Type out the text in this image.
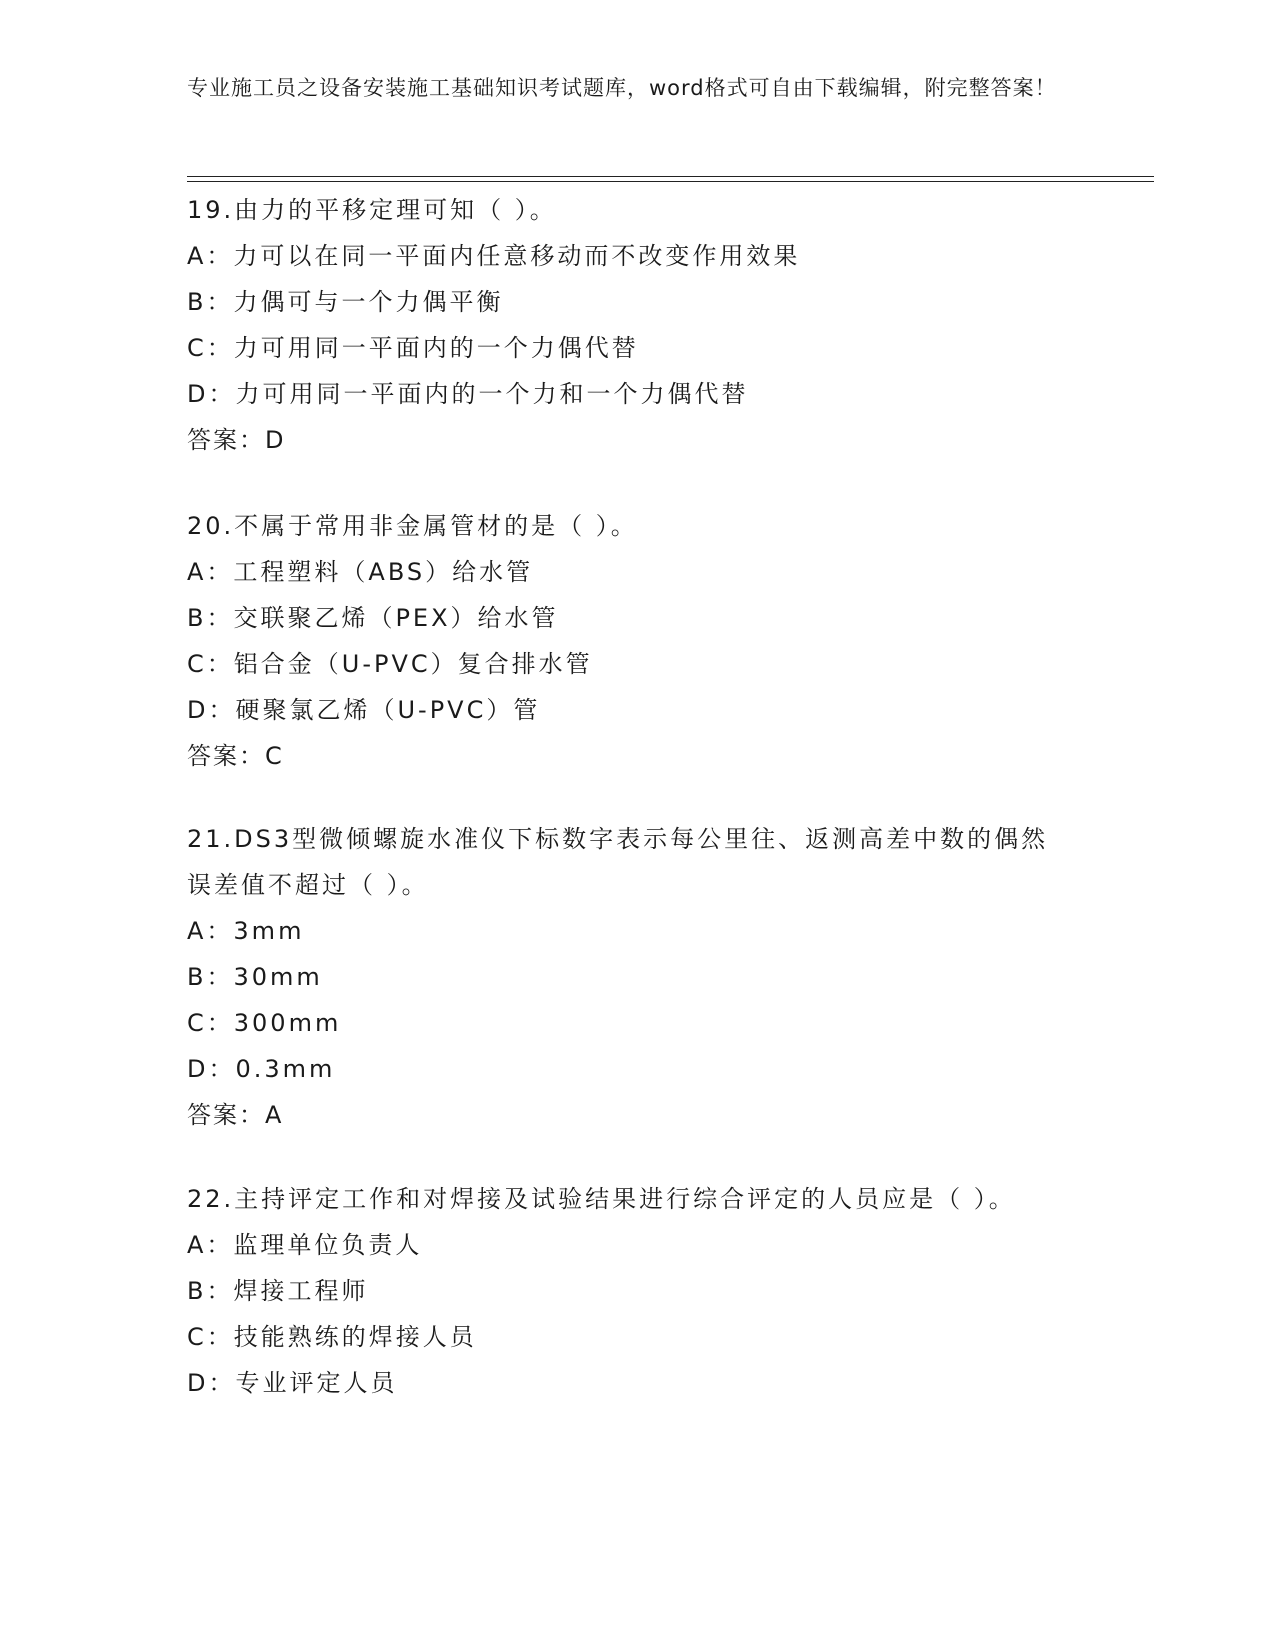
专业施工员之设备安装施工基础知识考试题库，word格式可自由下载编辑，附完整答案！
19.由力的平移定理可知（ ）。
A：力可以在同一平面内任意移动而不改变作用效果
B：力偶可与一个力偶平衡
C：力可用同一平面内的一个力偶代替
D：力可用同一平面内的一个力和一个力偶代替
答案：D
20.不属于常用非金属管材的是（ ）。
A：工程塑料（ABS）给水管
B：交联聚乙烯（PEX）给水管
C：铝合金（U-PVC）复合排水管
D：硬聚氯乙烯（U-PVC）管
答案：C
21.DS3型微倾螺旋水准仪下标数字表示每公里往、返测高差中数的偶然误差值不超过（ ）。
A：3mm
B：30mm
C：300mm
D：0.3mm
答案：A
22.主持评定工作和对焊接及试验结果进行综合评定的人员应是（ ）。
A：监理单位负责人
B：焊接工程师
C：技能熟练的焊接人员
D：专业评定人员
